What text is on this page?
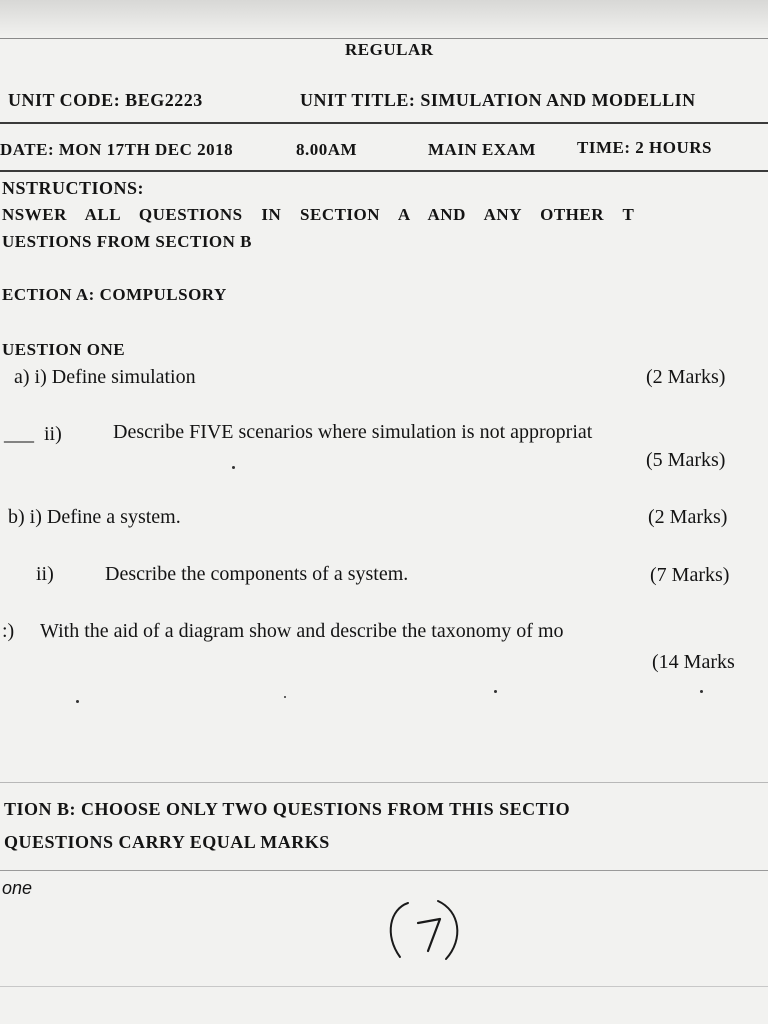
REGULAR

UNIT CODE: BEG2223	UNIT TITLE: SIMULATION AND MODELLIN

DATE: MON 17TH DEC 2018	8.00AM	MAIN EXAM TIME: 2 HOURS

NSTRUCTIONS:

NSWER ALL QUESTIONS IN SECTION A AND ANY OTHER T

UESTIONS FROM SECTION B

ECTION A: COMPULSORY

UESTION ONE

a) i) Define simulation	(2 Marks)

___ ii)	Describe FIVE scenarios where simulation is not appropriat

(5 Marks)

b) i) Define a system.	(2 Marks)

ii)	Describe the components of a system.	(7 Marks)

:) With the aid of a diagram show and describe the taxonomy of mo

(14 Marks

TION B: CHOOSE ONLY TWO QUESTIONS FROM THIS SECTIO

QUESTIONS CARRY EQUAL MARKS

one
